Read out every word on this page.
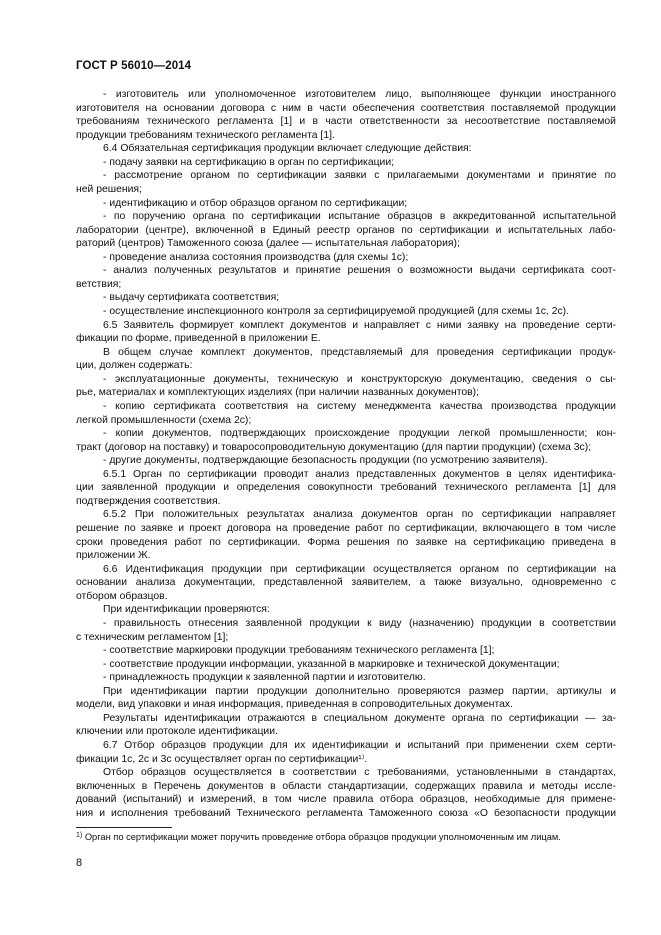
ГОСТ Р 56010—2014
- изготовитель или уполномоченное изготовителем лицо, выполняющее функции иностранного
изготовителя на основании договора с ним в части обеспечения соответствия поставляемой продукции
требованиям технического регламента [1] и в части ответственности за несоответствие поставляемой
продукции требованиям технического регламента [1].
6.4 Обязательная сертификация продукции включает следующие действия:
- подачу заявки на сертификацию в орган по сертификации;
- рассмотрение органом по сертификации заявки с прилагаемыми документами и принятие по
ней решения;
- идентификацию и отбор образцов органом по сертификации;
- по поручению органа по сертификации испытание образцов в аккредитованной испытательной
лаборатории (центре), включенной в Единый реестр органов по сертификации и испытательных лабо-
раторий (центров) Таможенного союза (далее — испытательная лаборатория);
- проведение анализа состояния производства (для схемы 1с);
- анализ полученных результатов и принятие решения о возможности выдачи сертификата соот-
ветствия;
- выдачу сертификата соответствия;
- осуществление инспекционного контроля за сертифицируемой продукцией (для схемы 1с, 2с).
6.5 Заявитель формирует комплект документов и направляет с ними заявку на проведение серти-
фикации по форме, приведенной в приложении Е.
В общем случае комплект документов, представляемый для проведения сертификации продук-
ции, должен содержать:
- эксплуатационные документы, техническую и конструкторскую документацию, сведения о сы-
рье, материалах и комплектующих изделиях (при наличии названных документов);
- копию сертификата соответствия на систему менеджмента качества производства продукции
легкой промышленности (схема 2с);
- копии документов, подтверждающих происхождение продукции легкой промышленности; кон-
тракт (договор на поставку) и товаросопроводительную документацию (для партии продукции) (схема 3с);
- другие документы, подтверждающие безопасность продукции (по усмотрению заявителя).
6.5.1 Орган по сертификации проводит анализ представленных документов в целях идентифика-
ции заявленной продукции и определения совокупности требований технического регламента [1] для
подтверждения соответствия.
6.5.2 При положительных результатах анализа документов орган по сертификации направляет
решение по заявке и проект договора на проведение работ по сертификации, включающего в том числе
сроки проведения работ по сертификации. Форма решения по заявке на сертификацию приведена в
приложении Ж.
6.6 Идентификация продукции при сертификации осуществляется органом по сертификации на
основании анализа документации, представленной заявителем, а также визуально, одновременно с
отбором образцов.
При идентификации проверяются:
- правильность отнесения заявленной продукции к виду (назначению) продукции в соответствии
с техническим регламентом [1];
- соответствие маркировки продукции требованиям технического регламента [1];
- соответствие продукции информации, указанной в маркировке и технической документации;
- принадлежность продукции к заявленной партии и изготовителю.
При идентификации партии продукции дополнительно проверяются размер партии, артикулы и
модели, вид упаковки и иная информация, приведенная в сопроводительных документах.
Результаты идентификации отражаются в специальном документе органа по сертификации — за-
ключении или протоколе идентификации.
6.7 Отбор образцов продукции для их идентификации и испытаний при применении схем серти-
фикации 1с, 2с и 3с осуществляет орган по сертификации¹⁾.
Отбор образцов осуществляется в соответствии с требованиями, установленными в стандартах,
включенных в Перечень документов в области стандартизации, содержащих правила и методы иссле-
дований (испытаний) и измерений, в том числе правила отбора образцов, необходимые для примене-
ния и исполнения требований Технического регламента Таможенного союза «О безопасности продукции
$^{1)}$ Орган по сертификации может поручить проведение отбора образцов продукции уполномоченным им лицам.
8
